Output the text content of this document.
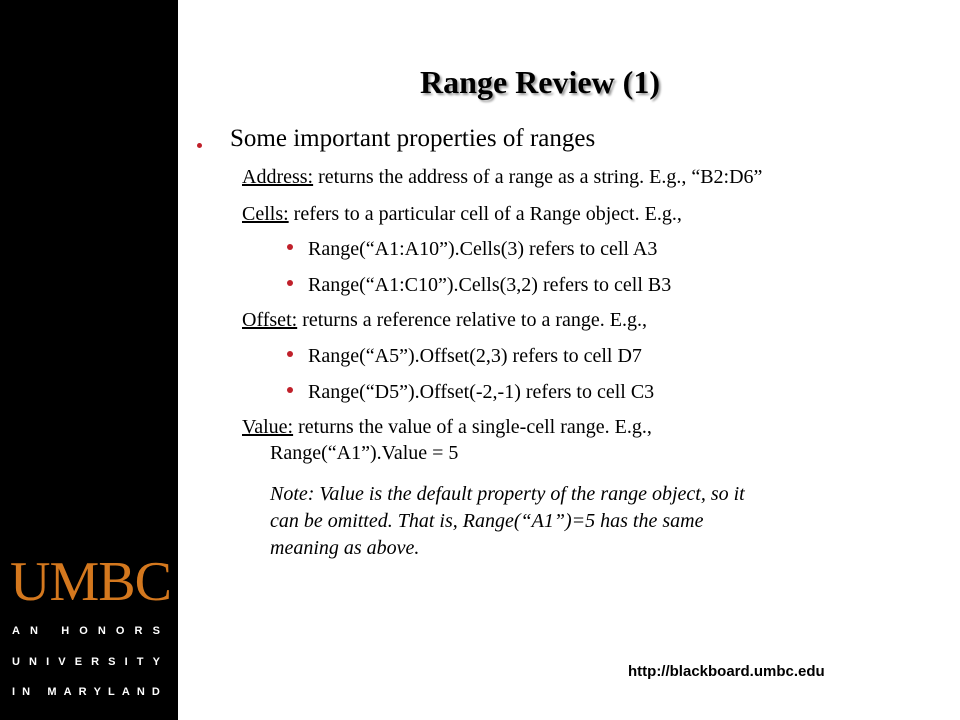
UMBC
A N
H O N O R S
U N I V E R S I T Y
I N
M A R Y L A N D
Range Review (1)
Some important properties of ranges
Address: returns the address of a range as a string. E.g., “B2:D6”
Cells: refers to a particular cell of a Range object. E.g.,
Range(“A1:A10”).Cells(3) refers to cell A3
Range(“A1:C10”).Cells(3,2) refers to cell B3
Offset: returns a reference relative to a range. E.g.,
Range(“A5”).Offset(2,3) refers to cell D7
Range(“D5”).Offset(-2,-1) refers to cell C3
Value: returns the value of a single-cell range. E.g.,
Range(“A1”).Value = 5
Note: Value is the default property of the range object, so it
can be omitted. That is, Range(“A1”)=5 has the same
meaning as above.
http://blackboard.umbc.edu
